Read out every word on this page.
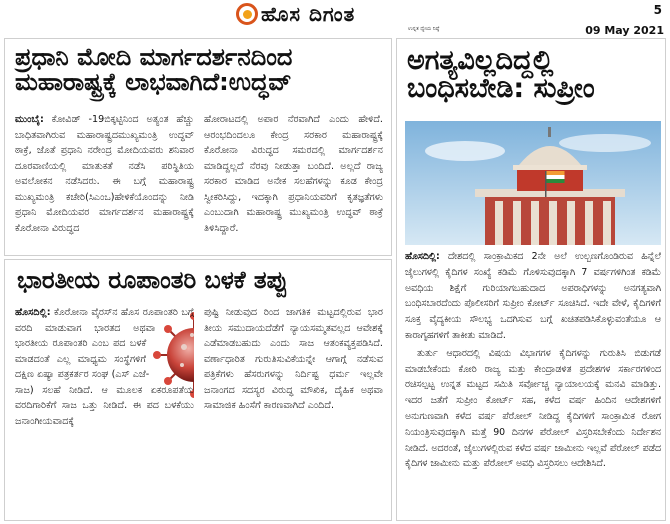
ಹೊಸ ದಿಗಂತ
ಉನ್ನತ ಧ್ಯೇಯ ನಿಷ್ಠೆ
5
09 May 2021
ಪ್ರಧಾನಿ ಮೋದಿ ಮಾರ್ಗದರ್ಶನದಿಂದ ಮಹಾರಾಷ್ಟ್ರಕ್ಕೆ ಲಾಭವಾಗಿದೆ:ಉದ್ಧವ್
ಮುಂಬೈ: ಕೋವಿಡ್ -19ಬಿಕ್ಕಟ್ಟಿನಿಂದ ಅತ್ಯಂತ ಹೆಚ್ಚು ಬಾಧಿತವಾಗಿರುವ ಮಹಾರಾಷ್ಟ್ರದಮುಖ್ಯಮಂತ್ರಿ ಉದ್ಧವ್ ಠಾಕ್ರೆ, ಜೊತೆ ಪ್ರಧಾನಿ ನರೇಂದ್ರ ಮೋದಿಯವರು ಶನಿವಾರ ದೂರವಾಣಿಯಲ್ಲಿ ಮಾತುಕತೆ ನಡೆಸಿ ಪರಿಸ್ಥಿತಿಯ ಅವಲೋಕನ ನಡೆಸಿದರು. ಈ ಬಗ್ಗೆ ಮಹಾರಾಷ್ಟ್ರ ಮುಖ್ಯಮಂತ್ರಿ ಕಚೇರಿ(ಸಿಎಂಒ)ಹೇಳಿಕೆಯೊಂದನ್ನು ನೀಡಿ ಪ್ರಧಾನಿ ಮೋದಿಯವರ ಮಾರ್ಗದರ್ಶನ ಮಹಾರಾಷ್ಟ್ರಕ್ಕೆ ಕೊರೋನಾ ವಿರುದ್ಧದ
ಹೋರಾಟದಲ್ಲಿ ಅಪಾರ ನೆರವಾಗಿದೆ ಎಂದು ಹೇಳಿದೆ. ಆರಂಭದಿಂದಲೂ ಕೇಂದ್ರ ಸರಕಾರ ಮಹಾರಾಷ್ಟ್ರಕ್ಕೆ ಕೊರೋನಾ ವಿರುದ್ಧದ ಸಮರದಲ್ಲಿ ಮಾರ್ಗದರ್ಶನ ಮಾಡಿದ್ದಲ್ಲದೆ ನೆರವು ನೀಡುತ್ತಾ ಬಂದಿದೆ. ಅಲ್ಲದೆ ರಾಜ್ಯ ಸರಕಾರ ಮಾಡಿದ ಅನೇಕ ಸಲಹೆಗಳನ್ನು ಕೂಡ ಕೇಂದ್ರ ಸ್ವೀಕರಿಸಿದ್ದು, ಇದಕ್ಕಾಗಿ ಪ್ರಧಾನಿಯವರಿಗೆ ಕೃತಜ್ಞತೆಗಳು ಎಂಬುದಾಗಿ ಮಹಾರಾಷ್ಟ್ರ ಮುಖ್ಯಮಂತ್ರಿ ಉದ್ಧವ್ ಠಾಕ್ರೆ ತಿಳಿಸಿದ್ದಾರೆ.
ಭಾರತೀಯ ರೂಪಾಂತರಿ ಬಳಕೆ ತಪ್ಪು
ಹೊಸದಿಲ್ಲಿ: ಕೊರೋನಾ ವೈರಸ್‌ನ ಹೊಸ ರೂಪಾಂತರಿ ಬಗ್ಗೆ ವರದಿ ಮಾಡುವಾಗ ಭಾರತದ ಅಥವಾ ಭಾರತೀಯ ರೂಪಾಂತರಿ ಎಂಬ ಪದ ಬಳಕೆ ಮಾಡದಂತೆ ಎಲ್ಲ ಮಾಧ್ಯಮ ಸಂಸ್ಥೆಗಳಿಗೆ ದಕ್ಷಿಣ ಏಷ್ಯಾ ಪತ್ರಕರ್ತರ ಸಂಘ (ಎಸ್ ಎಜೆ-ಸಾಜ) ಸಲಹೆ ನೀಡಿದೆ. ಆ ಮೂಲಕ ಏಕರೂಪತೆಯ ವರದಿಗಾರಿಕೆಗೆ ಸಾಜ ಒತ್ತು ನೀಡಿದೆ. ಈ ಪದ ಬಳಕೆಯು ಜನಾಂಗೀಯವಾದಕ್ಕೆ
ಪುಷ್ಟಿ ನೀಡುವುದ ರಿಂದ ಜಾಗತಿಕ ಮಟ್ಟದಲ್ಲಿರುವ ಭಾರ ತೀಯ ಸಮುದಾಯದೆಡೆಗೆ ನ್ಯಾಯಸಮ್ಮತವಲ್ಲದ ಆವೇಶಕ್ಕೆ ಎಡೆಮಾಡಬಹುದು ಎಂದು ಸಾಜ ಆತಂಕವ್ಯಕ್ತಪಡಿಸಿದೆ. ವರ್ಣಾಧಾರಿತ ಗುರುತಿಸುವಿಕೆಯನ್ನೇ ಆಗಾಗ್ಗೆ ನಡೆಸುವ ಪತ್ರಿಕೆಗಳು ಹೆಸರುಗಳನ್ನು ನಿರ್ದಿಷ್ಟ ಧರ್ಮ ಇಲ್ಲವೇ ಜನಾಂಗದ ಸದಸ್ಯರ ವಿರುದ್ಧ ಮೌಖಿಕ, ದೈಹಿಕ ಅಥವಾ ಸಾಮಾಜಿಕ ಹಿಂಸೆಗೆ ಕಾರಣವಾಗಿದೆ ಎಂದಿದೆ.
ಅಗತ್ಯವಿಲ್ಲದಿದ್ದಲ್ಲಿ ಬಂಧಿಸಬೇಡಿ: ಸುಪ್ರೀಂ

ಹೊಸದಿಲ್ಲಿ: ದೇಶದಲ್ಲಿ ಸಾಂಕ್ರಾಮಿಕದ 2ನೇ ಅಲೆ ಉಲ್ಬಣಗೊಂಡಿರುವ ಹಿನ್ನೆಲೆ ಜೈಲುಗಳಲ್ಲಿ ಕೈದಿಗಳ ಸಂಖ್ಯೆ ಕಡಿಮೆ ಗೊಳಿಸುವುದಕ್ಕಾಗಿ 7 ವರ್ಷಗಳಿಗಿಂತ ಕಡಿಮೆ ಅವಧಿಯ ಶಿಕ್ಷೆಗೆ ಗುರಿಯಾಗಬಹುದಾದ ಅಪರಾಧಿಗಳನ್ನು ಅನಗತ್ಯವಾಗಿ ಬಂಧಿಸಬಾರದೆಂದು ಪೊಲೀಸರಿಗೆ ಸುಪ್ರೀಂ ಕೋರ್ಟ್ ಸೂಚಿಸಿದೆ. ಇದೇ ವೇಳೆ, ಕೈದಿಗಳಿಗೆ ಸೂಕ್ತ ವೈದ್ಯಕೀಯ ಸೌಲಭ್ಯ ಒದಗಿಸುವ ಬಗ್ಗೆ ಖಚಿತಪಡಿಸಿಕೊಳ್ಳುವಂತೆಯೂ ಆ ಕಾರಾಗೃಹಗಳಿಗೆ ತಾಕೀತು ಮಾಡಿದೆ.

ತುರ್ತು ಆಧಾರದಲ್ಲಿ ವಿಷಯ ವಿಭಾಗಗಳ ಕೈದಿಗಳನ್ನು ಗುರುತಿಸಿ ಬಿಡುಗಡೆ ಮಾಡಬೇಕೆಂದು ಕೋರಿ ರಾಜ್ಯ ಮತ್ತು ಕೇಂದ್ರಾಡಳಿತ ಪ್ರದೇಶಗಳ ಸರ್ಕಾರಗಳಿಂದ ರಚಿಸಲ್ಪಟ್ಟ ಉನ್ನತ ಮಟ್ಟದ ಸಮಿತಿ ಸರ್ವೋಚ್ಚ ನ್ಯಾಯಾಲಯಕ್ಕೆ ಮನವಿ ಮಾಡಿತ್ತು. ಇದರ ಜತೆಗೆ ಸುಪ್ರೀಂ ಕೋರ್ಟ್ ಸಹ, ಕಳೆದ ವರ್ಷ ಹಿಂದಿನ ಆದೇಶಗಳಿಗೆ ಅನುಗುಣವಾಗಿ ಕಳೆದ ವರ್ಷ ಪೆರೋಲ್ ನೀಡಿದ್ದ ಕೈದಿಗಳಿಗೆ ಸಾಂಕ್ರಾಮಿಕ ರೋಗ ನಿಯಂತ್ರಿಸುವುದಕ್ಕಾಗಿ ಮತ್ತೆ 90 ದಿನಗಳ ಪೆರೋಲ್ ವಿಸ್ತರಿಸಬೇಕೆಂದು ನಿರ್ದೇಶನ ನೀಡಿದೆ. ಅದರಂತೆ, ಜೈಲುಗಳಲ್ಲಿರುವ ಕಳೆದ ವರ್ಷ ಜಾಮೀನು ಇಲ್ಲವೆ ಪೆರೋಲ್ ಪಡೆದ ಕೈದಿಗಳ ಜಾಮೀನು ಮತ್ತು ಪೆರೋಲ್ ಅವಧಿ ವಿಸ್ತರಿಸಲು ಆದೇಶಿಸಿದೆ.
